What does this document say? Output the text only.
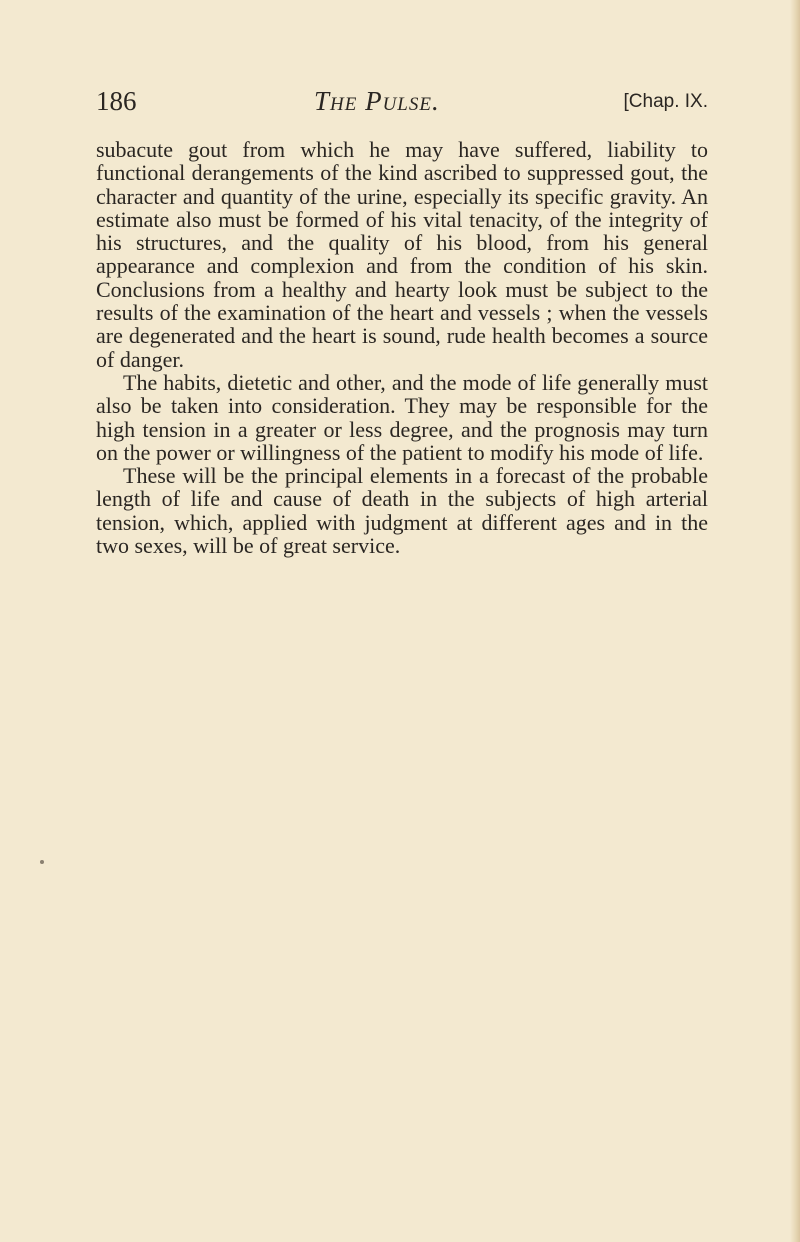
186	The Pulse.	[Chap. IX.

subacute gout from which he may have suffered, liability to functional derangements of the kind ascribed to suppressed gout, the character and quantity of the urine, especially its specific gravity. An estimate also must be formed of his vital tenacity, of the integrity of his structures, and the quality of his blood, from his general appearance and complexion and from the condition of his skin. Conclusions from a healthy and hearty look must be subject to the results of the examination of the heart and vessels ; when the vessels are degenerated and the heart is sound, rude health becomes a source of danger.

The habits, dietetic and other, and the mode of life generally must also be taken into consideration. They may be responsible for the high tension in a greater or less degree, and the prognosis may turn on the power or willingness of the patient to modify his mode of life.

These will be the principal elements in a forecast of the probable length of life and cause of death in the subjects of high arterial tension, which, applied with judgment at different ages and in the two sexes, will be of great service.
